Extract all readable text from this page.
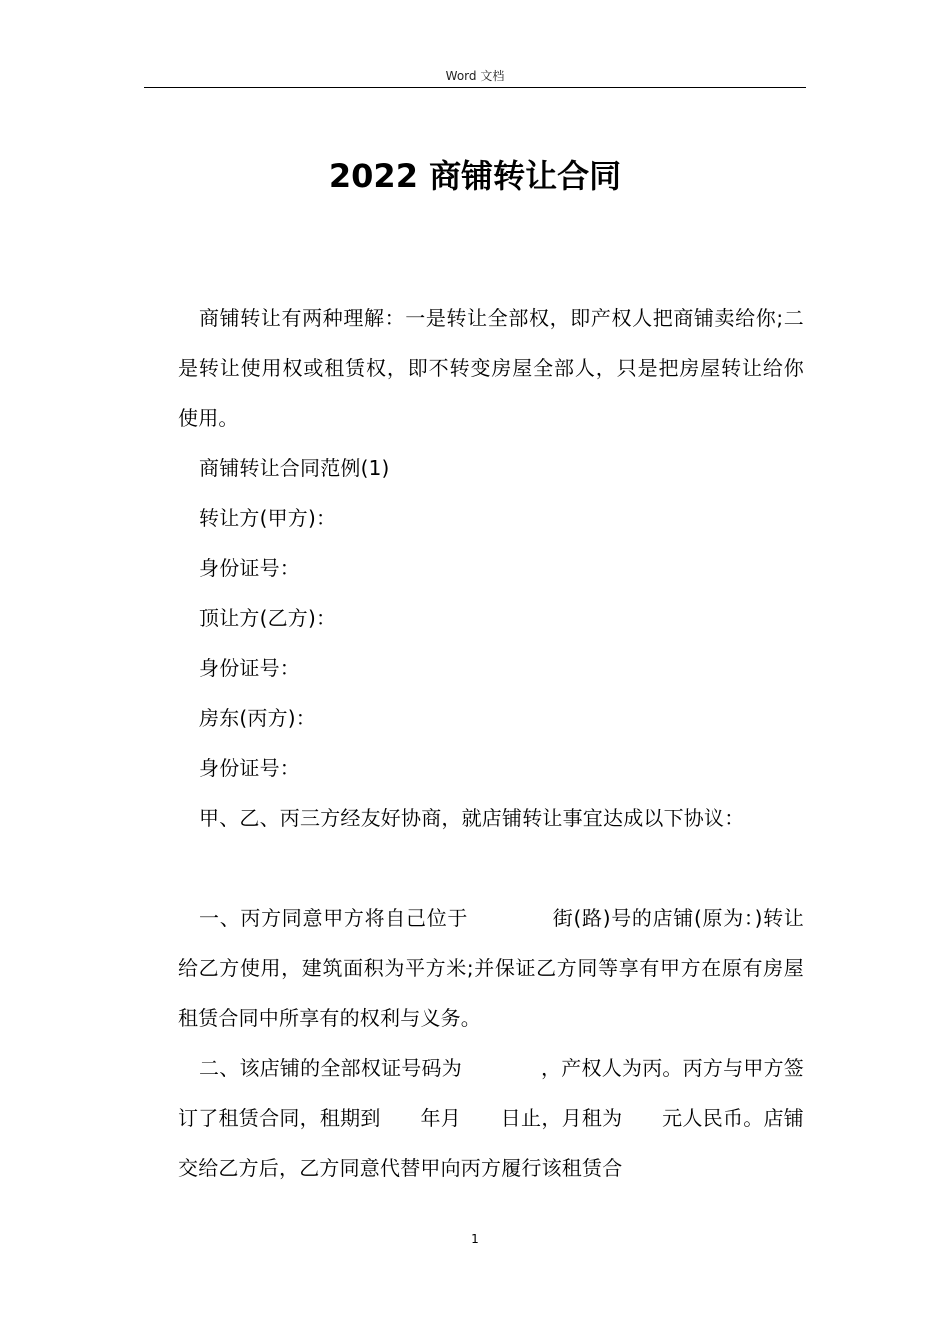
Word 文档
2022 商铺转让合同

商铺转让有两种理解：一是转让全部权，即产权人把商铺卖给你;二是转让使用权或租赁权，即不转变房屋全部人，只是把房屋转让给你使用。

商铺转让合同范例(1)

转让方(甲方)：

身份证号：

顶让方(乙方)：

身份证号：

房东(丙方)：

身份证号：

甲、乙、丙三方经友好协商，就店铺转让事宜达成以下协议：

一、丙方同意甲方将自己位于            街(路)号的店铺(原为：)转让给乙方使用，建筑面积为平方米;并保证乙方同等享有甲方在原有房屋租赁合同中所享有的权利与义务。

二、该店铺的全部权证号码为            ，产权人为丙。丙方与甲方签订了租赁合同，租期到      年月      日止，月租为      元人民币。店铺交给乙方后，乙方同意代替甲向丙方履行该租赁合

1
